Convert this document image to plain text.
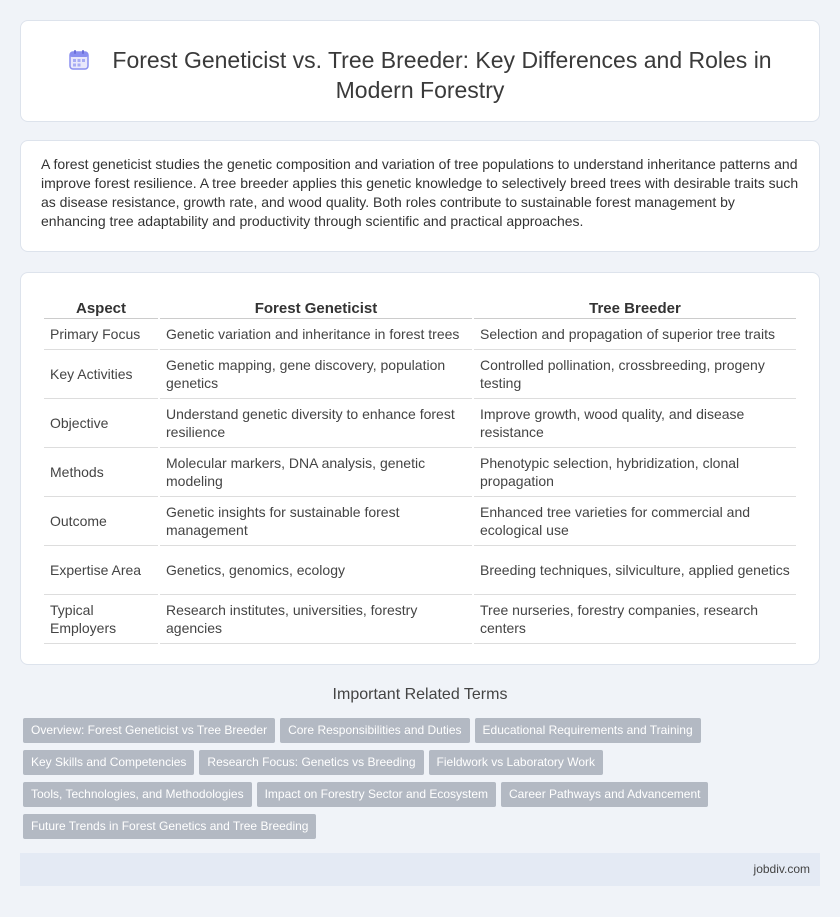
Forest Geneticist vs. Tree Breeder: Key Differences and Roles in Modern Forestry

A forest geneticist studies the genetic composition and variation of tree populations to understand inheritance patterns and improve forest resilience. A tree breeder applies this genetic knowledge to selectively breed trees with desirable traits such as disease resistance, growth rate, and wood quality. Both roles contribute to sustainable forest management by enhancing tree adaptability and productivity through scientific and practical approaches.

Aspect	Forest Geneticist	Tree Breeder
Primary Focus	Genetic variation and inheritance in forest trees	Selection and propagation of superior tree traits
Key Activities	Genetic mapping, gene discovery, population genetics	Controlled pollination, crossbreeding, progeny testing
Objective	Understand genetic diversity to enhance forest resilience	Improve growth, wood quality, and disease resistance
Methods	Molecular markers, DNA analysis, genetic modeling	Phenotypic selection, hybridization, clonal propagation
Outcome	Genetic insights for sustainable forest management	Enhanced tree varieties for commercial and ecological use
Expertise Area	Genetics, genomics, ecology	Breeding techniques, silviculture, applied genetics
Typical Employers	Research institutes, universities, forestry agencies	Tree nurseries, forestry companies, research centers
Important Related Terms
Overview: Forest Geneticist vs Tree Breeder Core Responsibilities and Duties Educational Requirements and Training
Key Skills and Competencies Research Focus: Genetics vs Breeding Fieldwork vs Laboratory Work
Tools, Technologies, and Methodologies Impact on Forestry Sector and Ecosystem Career Pathways and Advancement
Future Trends in Forest Genetics and Tree Breeding
jobdiv.com
